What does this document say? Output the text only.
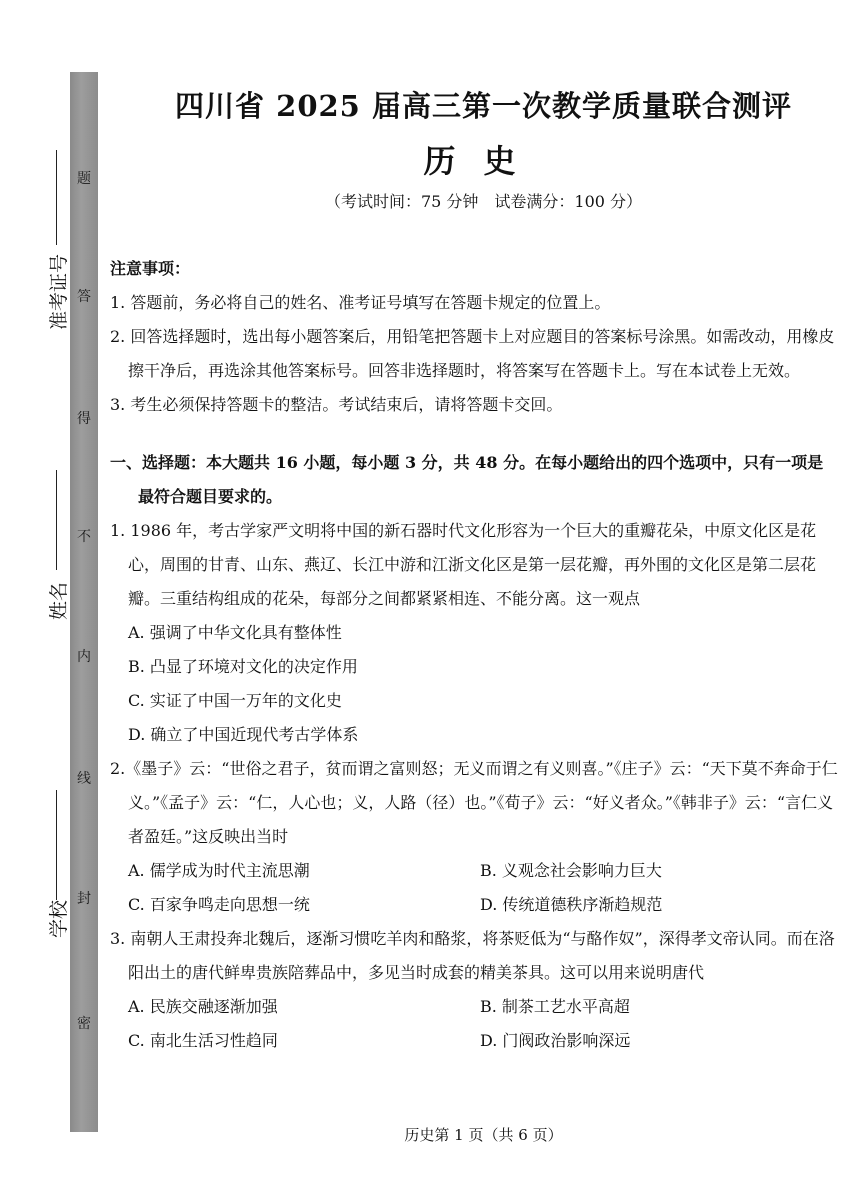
题
答
得
不
内
线
封
密
准考证号
姓名
学校
四川省 2025 届高三第一次教学质量联合测评
历史
（考试时间：75 分钟　试卷满分：100 分）

注意事项：

1. 答题前，务必将自己的姓名、准考证号填写在答题卡规定的位置上。

2. 回答选择题时，选出每小题答案后，用铅笔把答题卡上对应题目的答案标号涂黑。如需改动，用橡皮擦干净后，再选涂其他答案标号。回答非选择题时，将答案写在答题卡上。写在本试卷上无效。

3. 考生必须保持答题卡的整洁。考试结束后，请将答题卡交回。

一、选择题：本大题共 16 小题，每小题 3 分，共 48 分。在每小题给出的四个选项中，只有一项是最符合题目要求的。

1. 1986 年，考古学家严文明将中国的新石器时代文化形容为一个巨大的重瓣花朵，中原文化区是花心，周围的甘青、山东、燕辽、长江中游和江浙文化区是第一层花瓣，再外围的文化区是第二层花瓣。三重结构组成的花朵，每部分之间都紧紧相连、不能分离。这一观点

A. 强调了中华文化具有整体性
B. 凸显了环境对文化的决定作用
C. 实证了中国一万年的文化史
D. 确立了中国近现代考古学体系

2.《墨子》云：“世俗之君子，贫而谓之富则怒；无义而谓之有义则喜。”《庄子》云：“天下莫不奔命于仁义。”《孟子》云：“仁，人心也；义，人路（径）也。”《荀子》云：“好义者众。”《韩非子》云：“言仁义者盈廷。”这反映出当时

A. 儒学成为时代主流思潮	B. 义观念社会影响力巨大
C. 百家争鸣走向思想一统	D. 传统道德秩序渐趋规范

3. 南朝人王肃投奔北魏后，逐渐习惯吃羊肉和酪浆，将茶贬低为“与酪作奴”，深得孝文帝认同。而在洛阳出土的唐代鲜卑贵族陪葬品中，多见当时成套的精美茶具。这可以用来说明唐代

A. 民族交融逐渐加强	B. 制茶工艺水平高超
C. 南北生活习性趋同	D. 门阀政治影响深远
历史第 1 页（共 6 页）
